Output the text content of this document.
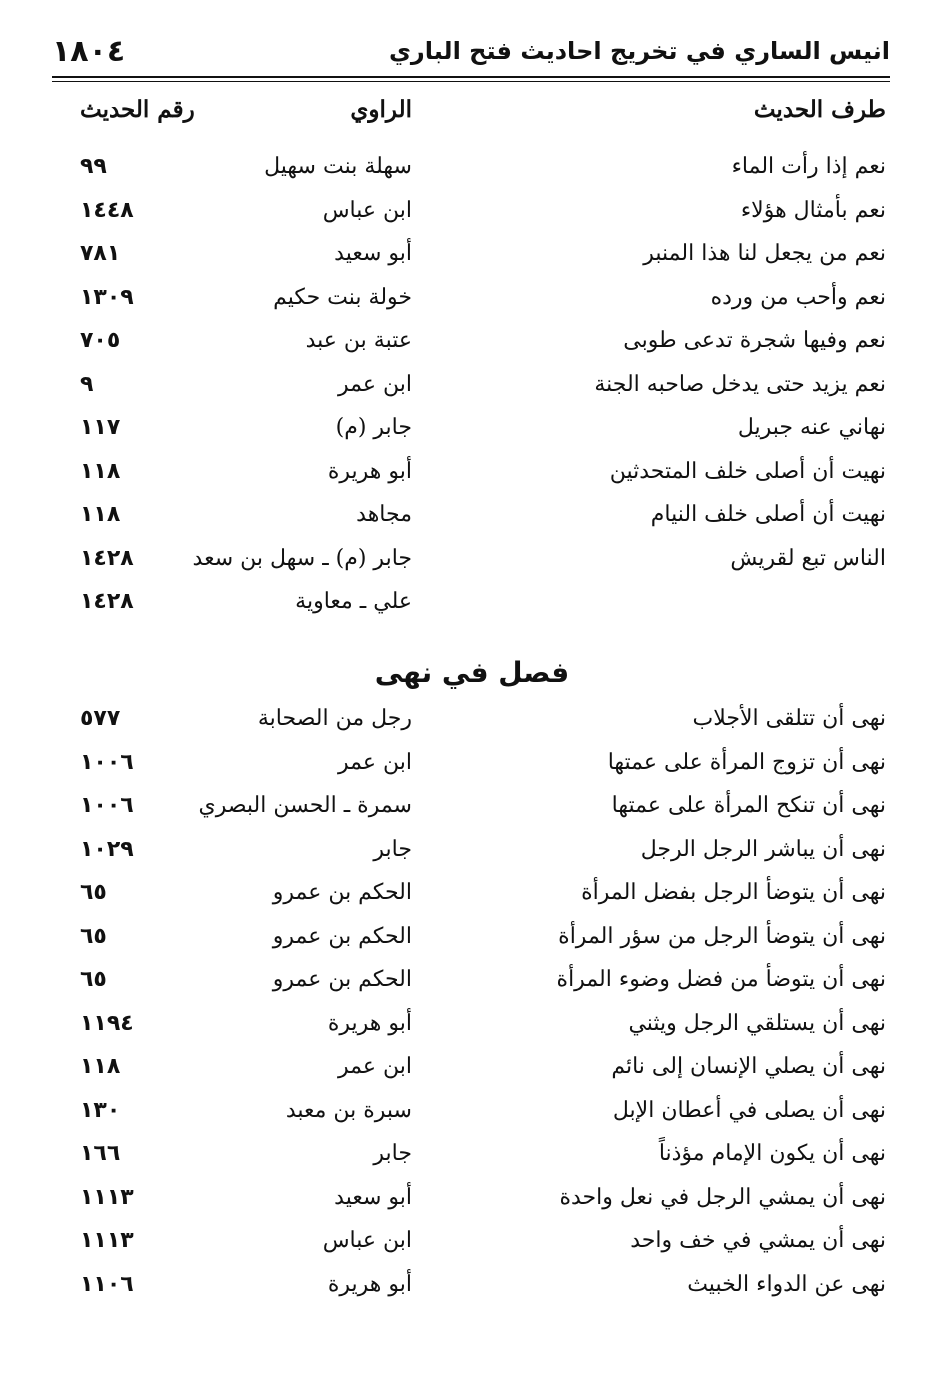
انيس الساري في تخريج احاديث فتح الباري
١٨٠٤
طرف الحديث
الراوي
رقم الحديث
نعم إذا رأت الماء
سهلة بنت سهيل
٩٩
نعم بأمثال هؤلاء
ابن عباس
١٤٤٨
نعم من يجعل لنا هذا المنبر
أبو سعيد
٧٨١
نعم وأحب من ورده
خولة بنت حكيم
١٣٠٩
نعم وفيها شجرة تدعى طوبى
عتبة بن عبد
٧٠٥
نعم يزيد حتى يدخل صاحبه الجنة
ابن عمر
٩
نهاني عنه جبريل
جابر (م)
١١٧
نهيت أن أصلى خلف المتحدثين
أبو هريرة
١١٨
نهيت أن أصلى خلف النيام
مجاهد
١١٨
الناس تبع لقريش
جابر (م) ـ سهل بن سعد
١٤٢٨
علي ـ معاوية
١٤٢٨
فصل في نهى
نهى أن تتلقى الأجلاب
رجل من الصحابة
٥٧٧
نهى أن تزوج المرأة على عمتها
ابن عمر
١٠٠٦
نهى أن تنكح المرأة على عمتها
سمرة ـ الحسن البصري
١٠٠٦
نهى أن يباشر الرجل الرجل
جابر
١٠٢٩
نهى أن يتوضأ الرجل بفضل المرأة
الحكم بن عمرو
٦٥
نهى أن يتوضأ الرجل من سؤر المرأة
الحكم بن عمرو
٦٥
نهى أن يتوضأ من فضل وضوء المرأة
الحكم بن عمرو
٦٥
نهى أن يستلقي الرجل ويثني
أبو هريرة
١١٩٤
نهى أن يصلي الإنسان إلى نائم
ابن عمر
١١٨
نهى أن يصلى في أعطان الإبل
سبرة بن معبد
١٣٠
نهى أن يكون الإمام مؤذناً
جابر
١٦٦
نهى أن يمشي الرجل في نعل واحدة
أبو سعيد
١١١٣
نهى أن يمشي في خف واحد
ابن عباس
١١١٣
نهى عن الدواء الخبيث
أبو هريرة
١١٠٦
